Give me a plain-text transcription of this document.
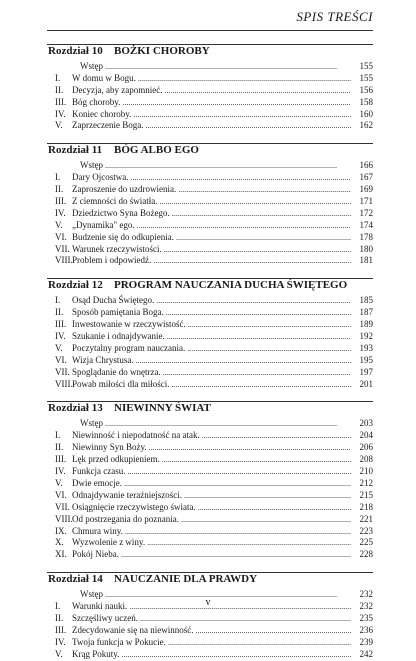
SPIS TREŚCI
Rozdział 10 BOŻKI CHOROBY
Wstęp . . .	155
I.	W domu w Bogu. . . .	155
II. Decyzja, aby zapomnieć. . . .	156
III. Bóg choroby. . . .	158
IV. Koniec choroby. . . .	160
V.	Zaprzeczenie Boga. . . .	162
Rozdział 11 BÓG ALBO EGO
Wstęp . . .	166
I.	Dary Ojcostwa. . . .	167
II. Zaproszenie do uzdrowienia. . . .	169
III. Z ciemności do światła. . . .	171
IV. Dziedzictwo Syna Bożego. . . .	172
V.	„Dynamika" ego. . . .	174
VI. Budzenie się do odkupienia. . . .	178
VII. Warunek rzeczywistości. . . .	180
VIII. Problem i odpowiedź. . . .	181
Rozdział 12 PROGRAM NAUCZANIA DUCHA ŚWIĘTEGO
I.	Osąd Ducha Świętego. . . .	185
II. Sposób pamiętania Boga. . . .	187
III. Inwestowanie w rzeczywistość. . . .	189
IV. Szukanie i odnajdywanie. . . .	192
V.	Poczytalny program nauczania. . . .	193
VI. Wizja Chrystusa. . . .	195
VII. Spoglądanie do wnętrza. . . .	197
VIII. Powab miłości dla miłości. . . .	201
Rozdział 13 NIEWINNY ŚWIAT
Wstęp . . .	203
I.	Niewinność i niepodatność na atak. . . .	204
II. Niewinny Syn Boży. . . .	206
III. Lęk przed odkupieniem. . . .	208
IV. Funkcja czasu. . . .	210
V.	Dwie emocje. . . .	212
VI. Odnajdywanie teraźniejszości. . . .	215
VII. Osiągnięcie rzeczywistego świata. . . .	218
VIII. Od postrzegania do poznania. . . .	221
IX. Chmura winy. . . .	223
X. Wyzwolenie z winy. . . .	225
XI. Pokój Nieba. . . .	228
Rozdział 14 NAUCZANIE DLA PRAWDY
Wstęp . . .	232
I.	Warunki nauki. . . .	232
II. Szczęśliwy uczeń. . . .	235
III. Zdecydowanie się na niewinność. . . .	236
IV. Twoja funkcja w Pokucie. . . .	239
V.	Krąg Pokuty. . . .	242
v
